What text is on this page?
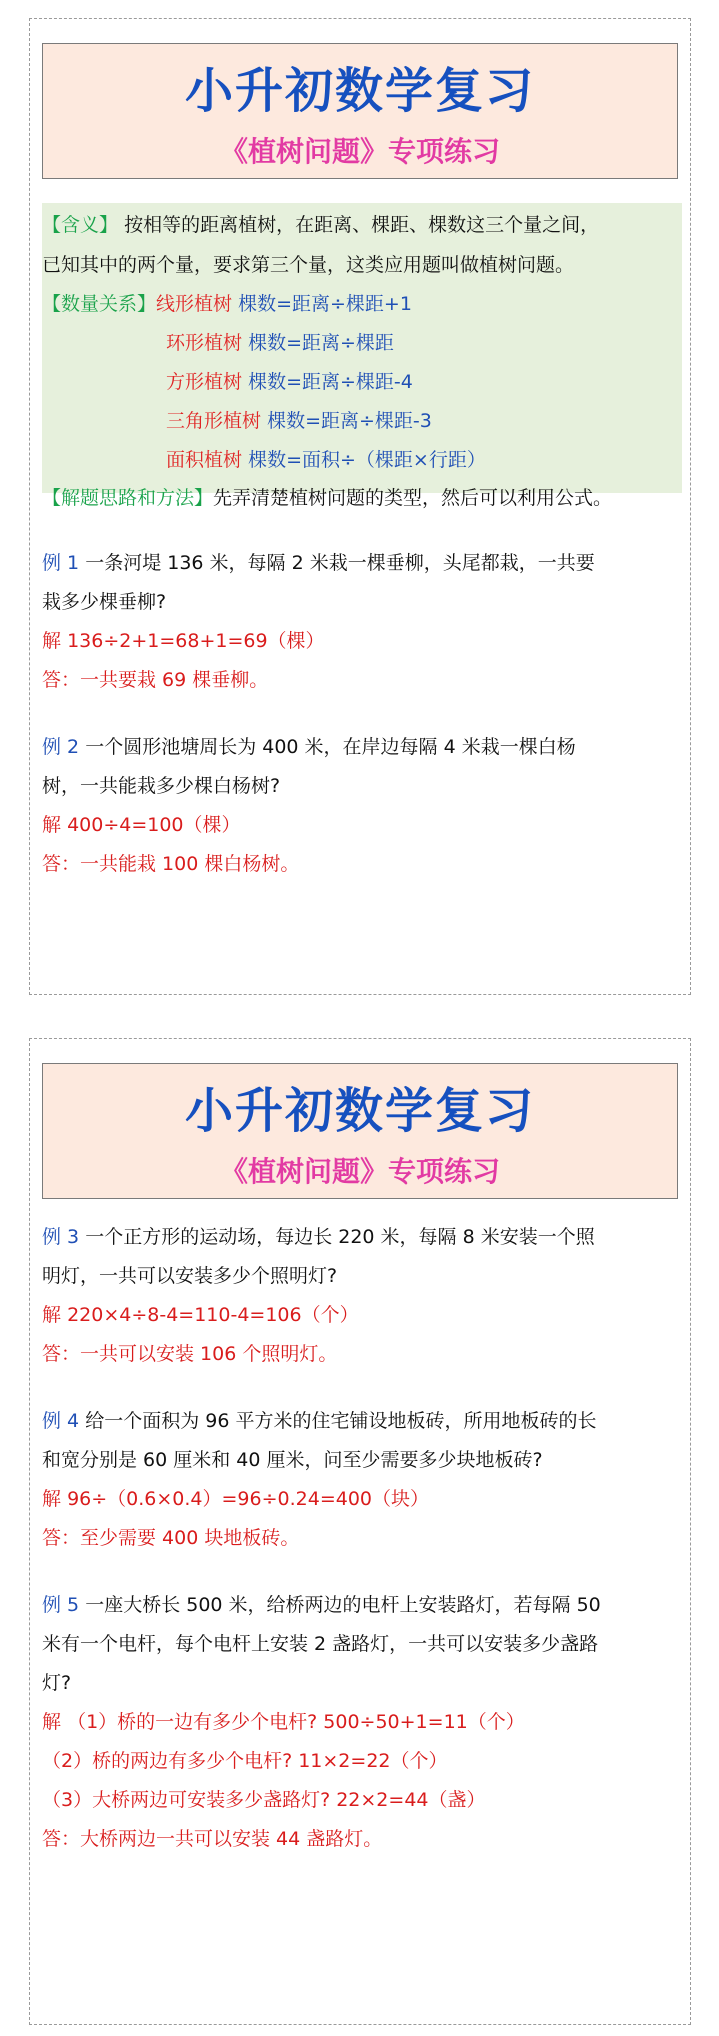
小升初数学复习
《植树问题》专项练习
【含义】 按相等的距离植树，在距离、棵距、棵数这三个量之间，
已知其中的两个量，要求第三个量，这类应用题叫做植树问题。
【数量关系】线形植树 棵数=距离÷棵距+1
环形植树 棵数=距离÷棵距
方形植树 棵数=距离÷棵距-4
三角形植树 棵数=距离÷棵距-3
面积植树 棵数=面积÷（棵距×行距）
【解题思路和方法】先弄清楚植树问题的类型，然后可以利用公式。
例 1 一条河堤 136 米，每隔 2 米栽一棵垂柳，头尾都栽，一共要
栽多少棵垂柳?
解 136÷2+1=68+1=69（棵）
答：一共要栽 69 棵垂柳。
例 2 一个圆形池塘周长为 400 米，在岸边每隔 4 米栽一棵白杨
树，一共能栽多少棵白杨树?
解 400÷4=100（棵）
答：一共能栽 100 棵白杨树。
小升初数学复习
《植树问题》专项练习
例 3 一个正方形的运动场，每边长 220 米，每隔 8 米安装一个照
明灯，一共可以安装多少个照明灯?
解 220×4÷8-4=110-4=106（个）
答：一共可以安装 106 个照明灯。
例 4 给一个面积为 96 平方米的住宅铺设地板砖，所用地板砖的长
和宽分别是 60 厘米和 40 厘米，问至少需要多少块地板砖?
解 96÷（0.6×0.4）=96÷0.24=400（块）
答：至少需要 400 块地板砖。
例 5 一座大桥长 500 米，给桥两边的电杆上安装路灯，若每隔 50
米有一个电杆，每个电杆上安装 2 盏路灯，一共可以安装多少盏路
灯?
解 （1）桥的一边有多少个电杆? 500÷50+1=11（个）
（2）桥的两边有多少个电杆? 11×2=22（个）
（3）大桥两边可安装多少盏路灯? 22×2=44（盏）
答：大桥两边一共可以安装 44 盏路灯。
